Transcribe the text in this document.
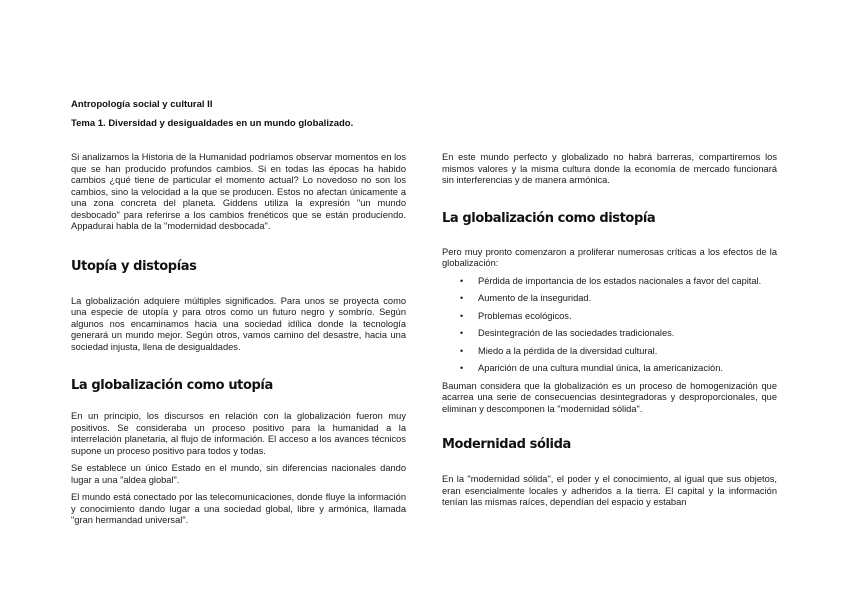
Antropología social y cultural II
Tema 1. Diversidad y desigualdades en un mundo globalizado.

Si analizamos la Historia de la Humanidad podríamos observar momentos en los que se han producido profundos cambios. Si en todas las épocas ha habido cambios ¿qué tiene de particular el momento actual? Lo novedoso no son los cambios, sino la velocidad a la que se producen. Estos no afectan únicamente a una zona concreta del planeta. Giddens utiliza la expresión "un mundo desbocado" para referirse a los cambios frenéticos que se están produciendo. Appadurai habla de la "modernidad desbocada".

Utopía y distopías

La globalización adquiere múltiples significados. Para unos se proyecta como una especie de utopía y para otros como un futuro negro y sombrío. Según algunos nos encaminamos hacia una sociedad idílica donde la tecnología generará un mundo mejor. Según otros, vamos camino del desastre, hacia una sociedad injusta, llena de desigualdades.

La globalización como utopía

En un principio, los discursos en relación con la globalización fueron muy positivos. Se consideraba un proceso positivo para la humanidad a la interrelación planetaria, al flujo de información. El acceso a los avances técnicos supone un proceso positivo para todos y todas.

Se establece un único Estado en el mundo, sin diferencias nacionales dando lugar a una "aldea global".

El mundo está conectado por las telecomunicaciones, donde fluye la información y conocimiento dando lugar a una sociedad global, libre y armónica, llamada "gran hermandad universal".

En este mundo perfecto y globalizado no habrá barreras, compartiremos los mismos valores y la misma cultura donde la economía de mercado funcionará sin interferencias y de manera armónica.

La globalización como distopía

Pero muy pronto comenzaron a proliferar numerosas críticas a los efectos de la globalización:

• Pérdida de importancia de los estados nacionales a favor del capital.
• Aumento de la inseguridad.
• Problemas ecológicos.
• Desintegración de las sociedades tradicionales.
• Miedo a la pérdida de la diversidad cultural.
• Aparición de una cultura mundial única, la americanización.

Bauman considera que la globalización es un proceso de homogenización que acarrea una serie de consecuencias desintegradoras y desproporcionales, que eliminan y descomponen la "modernidad sólida".

Modernidad sólida

En la "modernidad sólida", el poder y el conocimiento, al igual que sus objetos, eran esencialmente locales y adheridos a la tierra. El capital y la información tenían las mismas raíces, dependían del espacio y estaban
